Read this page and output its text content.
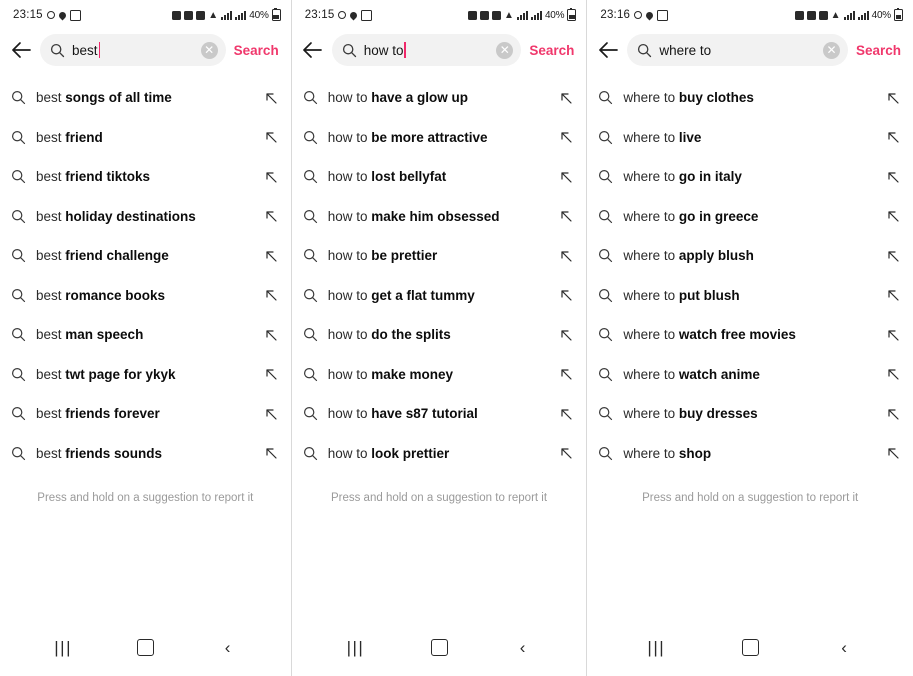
23:15	▲	40%
best	✕ Search
best songs of all time
best friend
best friend tiktoks
best holiday destinations
best friend challenge
best romance books
best man speech
best twt page for ykyk
best friends forever
best friends sounds
Press and hold on a suggestion to report it
|||	‹
23:15	▲	40%
how to	✕ Search
how to have a glow up
how to be more attractive
how to lost bellyfat
how to make him obsessed
how to be prettier
how to get a flat tummy
how to do the splits
how to make money
how to have s87 tutorial
how to look prettier
Press and hold on a suggestion to report it
|||	‹
23:16	▲	40%
where to	✕ Search
where to buy clothes
where to live
where to go in italy
where to go in greece
where to apply blush
where to put blush
where to watch free movies
where to watch anime
where to buy dresses
where to shop
Press and hold on a suggestion to report it
|||	‹
